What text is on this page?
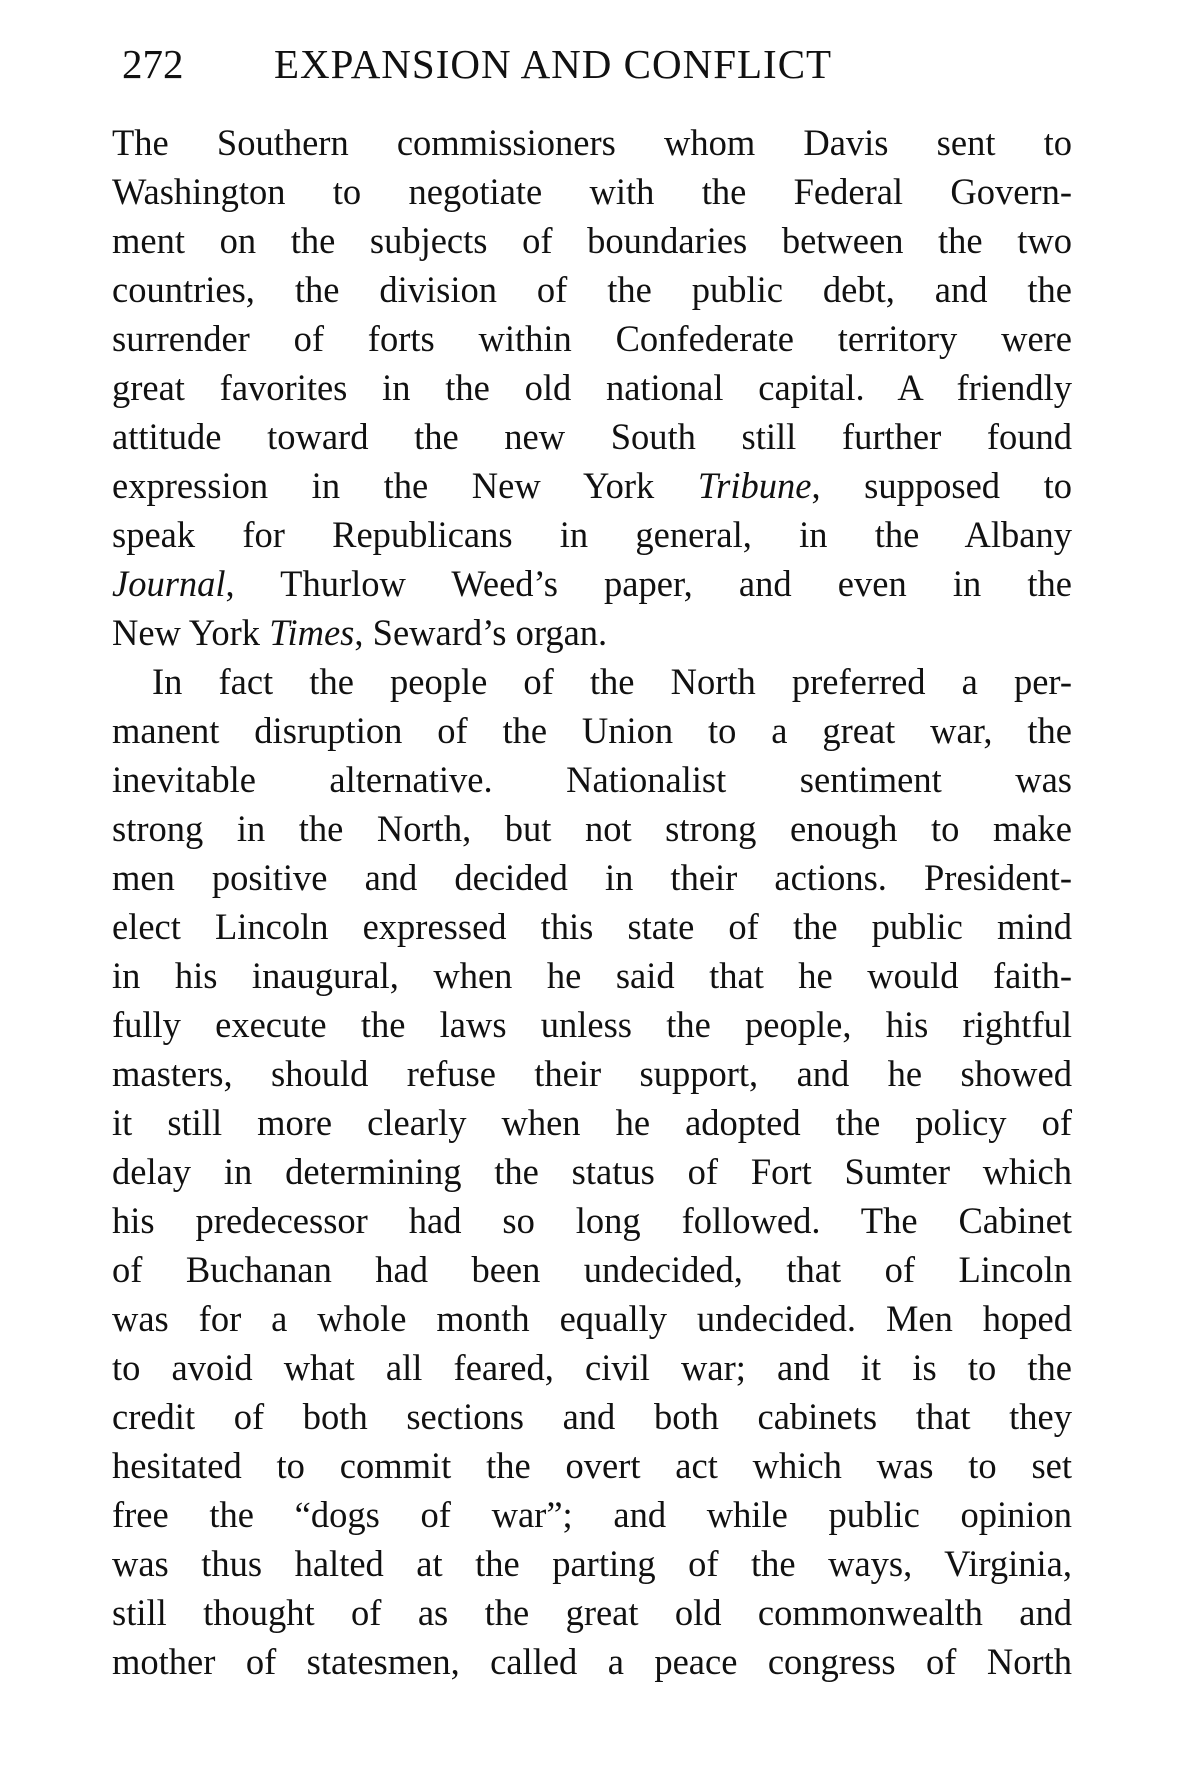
272 EXPANSION AND CONFLICT
The Southern commissioners whom Davis sent to
Washington to negotiate with the Federal Govern-
ment on the subjects of boundaries between the two
countries, the division of the public debt, and the
surrender of forts within Confederate territory were
great favorites in the old national capital. A friendly
attitude toward the new South still further found
expression in the New York Tribune, supposed to
speak for Republicans in general, in the Albany
Journal, Thurlow Weed’s paper, and even in the
New York Times, Seward’s organ.
In fact the people of the North preferred a per-
manent disruption of the Union to a great war, the
inevitable alternative. Nationalist sentiment was
strong in the North, but not strong enough to make
men positive and decided in their actions. President-
elect Lincoln expressed this state of the public mind
in his inaugural, when he said that he would faith-
fully execute the laws unless the people, his rightful
masters, should refuse their support, and he showed
it still more clearly when he adopted the policy of
delay in determining the status of Fort Sumter which
his predecessor had so long followed. The Cabinet
of Buchanan had been undecided, that of Lincoln
was for a whole month equally undecided. Men hoped
to avoid what all feared, civil war; and it is to the
credit of both sections and both cabinets that they
hesitated to commit the overt act which was to set
free the “dogs of war”; and while public opinion
was thus halted at the parting of the ways, Virginia,
still thought of as the great old commonwealth and
mother of statesmen, called a peace congress of North
